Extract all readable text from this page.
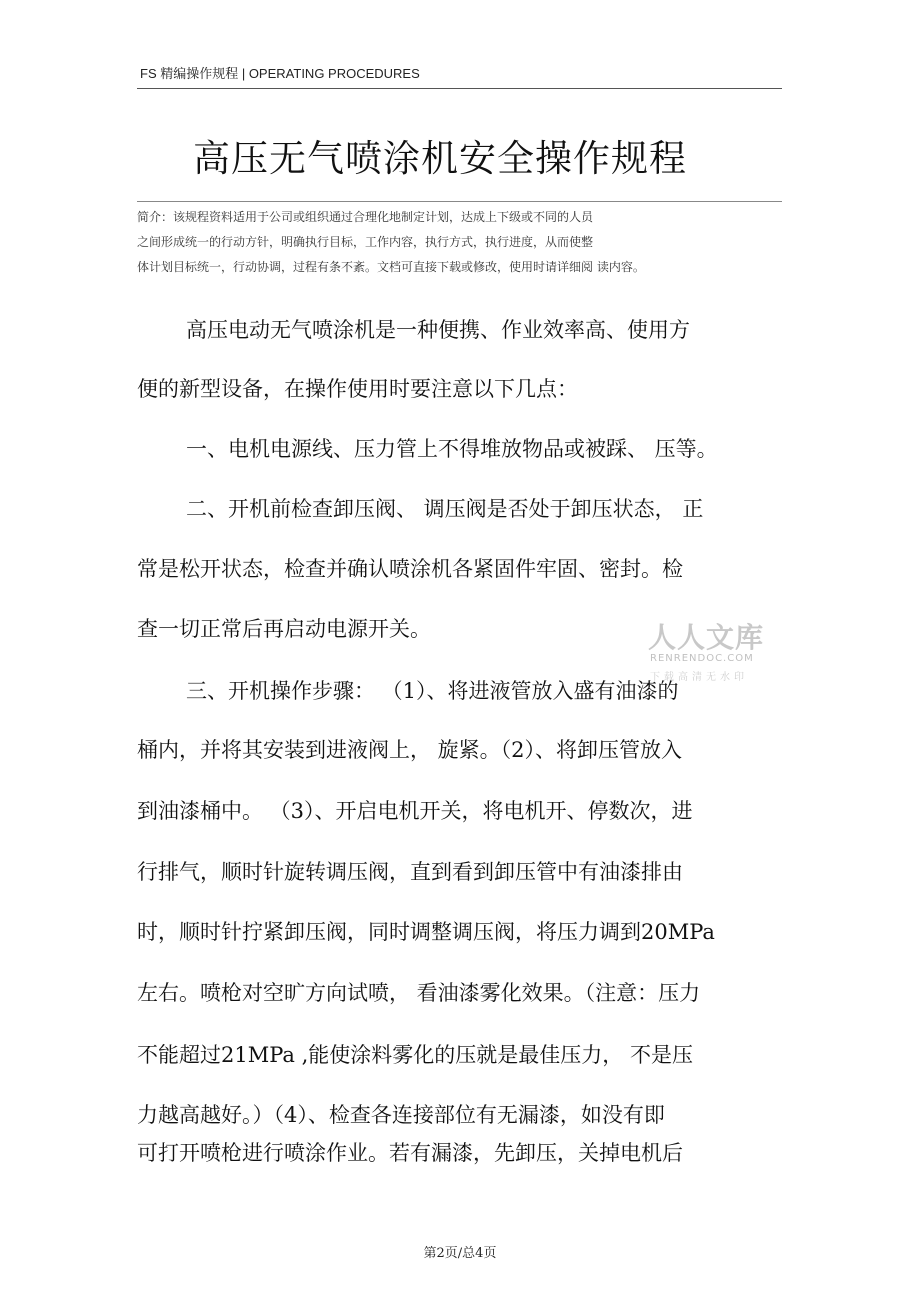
FS 精编操作规程 | OPERATING PROCEDURES
高压无气喷涂机安全操作规程
简介：该规程资料适用于公司或组织通过合理化地制定计划，达成上下级或不同的人员
之间形成统一的行动方针，明确执行目标，工作内容，执行方式，执行进度，从而使整
体计划目标统一，行动协调，过程有条不紊。文档可直接下载或修改，使用时请详细阅 读内容。
高压电动无气喷涂机是一种便携、作业效率高、使用方
便的新型设备，在操作使用时要注意以下几点：
一、电机电源线、压力管上不得堆放物品或被踩、 压等。
二、开机前检查卸压阀、 调压阀是否处于卸压状态， 正
常是松开状态，检查并确认喷涂机各紧固件牢固、密封。检
查一切正常后再启动电源开关。
三、开机操作步骤： （1）、将进液管放入盛有油漆的
桶内，并将其安装到进液阀上， 旋紧。（2）、将卸压管放入
到油漆桶中。 （3）、开启电机开关，将电机开、停数次，进
行排气，顺时针旋转调压阀，直到看到卸压管中有油漆排由
时，顺时针拧紧卸压阀，同时调整调压阀，将压力调到20MPa
左右。喷枪对空旷方向试喷， 看油漆雾化效果。（注意：压力
不能超过21MPa ,能使涂料雾化的压就是最佳压力， 不是压
力越高越好。）（4）、检查各连接部位有无漏漆，如没有即
可打开喷枪进行喷涂作业。若有漏漆，先卸压，关掉电机后
人人文库
RENRENDOC.COM
下载高清无水印
第2页/总4页
